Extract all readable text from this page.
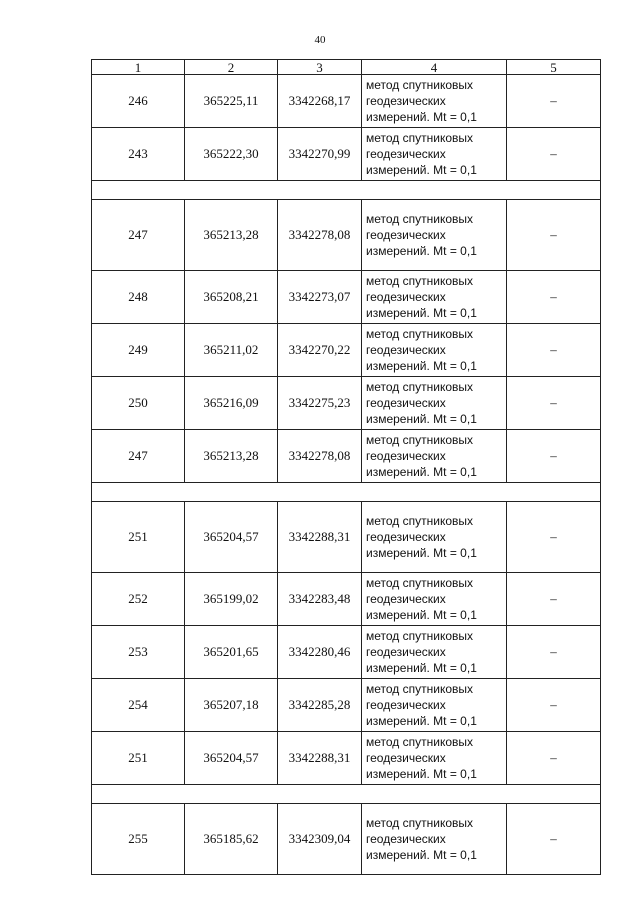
40
1	2	3	4	5
246	365225,11	3342268,17	метод спутниковых
геодезических
измерений. Mt = 0,1	–
243	365222,30	3342270,99	метод спутниковых
геодезических
измерений. Mt = 0,1	–

247	365213,28	3342278,08	метод спутниковых
геодезических
измерений. Mt = 0,1	–
248	365208,21	3342273,07	метод спутниковых
геодезических
измерений. Mt = 0,1	–
249	365211,02	3342270,22	метод спутниковых
геодезических
измерений. Mt = 0,1	–
250	365216,09	3342275,23	метод спутниковых
геодезических
измерений. Mt = 0,1	–
247	365213,28	3342278,08	метод спутниковых
геодезических
измерений. Mt = 0,1	–

251	365204,57	3342288,31	метод спутниковых
геодезических
измерений. Mt = 0,1	–
252	365199,02	3342283,48	метод спутниковых
геодезических
измерений. Mt = 0,1	–
253	365201,65	3342280,46	метод спутниковых
геодезических
измерений. Mt = 0,1	–
254	365207,18	3342285,28	метод спутниковых
геодезических
измерений. Mt = 0,1	–
251	365204,57	3342288,31	метод спутниковых
геодезических
измерений. Mt = 0,1	–

255	365185,62	3342309,04	метод спутниковых
геодезических
измерений. Mt = 0,1	–
